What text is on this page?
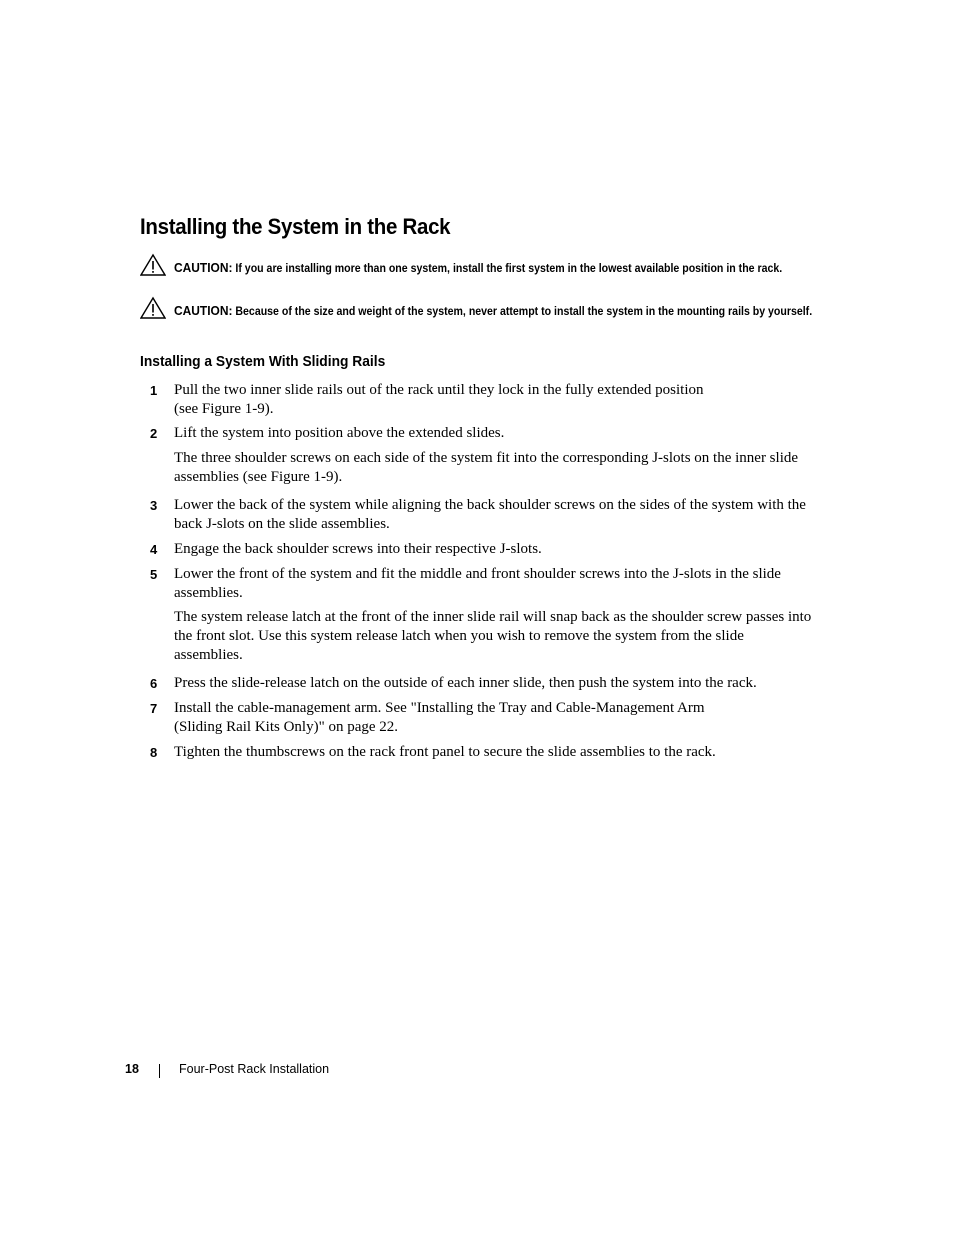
Installing the System in the Rack
CAUTION: If you are installing more than one system, install the first system in the lowest available position in the rack.
CAUTION: Because of the size and weight of the system, never attempt to install the system in the mounting rails by yourself.
Installing a System With Sliding Rails
1 Pull the two inner slide rails out of the rack until they lock in the fully extended position
(see Figure 1-9).
2 Lift the system into position above the extended slides.
The three shoulder screws on each side of the system fit into the corresponding J-slots on the inner slide assemblies (see Figure 1-9).
3 Lower the back of the system while aligning the back shoulder screws on the sides of the system with the back J-slots on the slide assemblies.
4 Engage the back shoulder screws into their respective J-slots.
5 Lower the front of the system and fit the middle and front shoulder screws into the J-slots in the slide assemblies.
The system release latch at the front of the inner slide rail will snap back as the shoulder screw passes into the front slot. Use this system release latch when you wish to remove the system from the slide assemblies.
6 Press the slide-release latch on the outside of each inner slide, then push the system into the rack.
7 Install the cable-management arm. See "Installing the Tray and Cable-Management Arm
(Sliding Rail Kits Only)" on page 22.
8 Tighten the thumbscrews on the rack front panel to secure the slide assemblies to the rack.
18	Four-Post Rack Installation
